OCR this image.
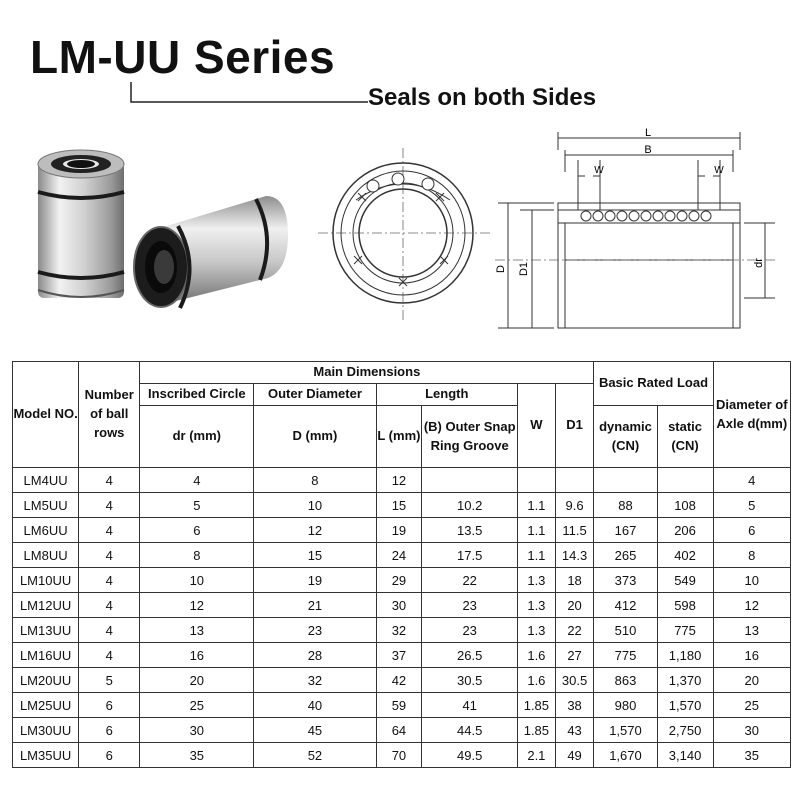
LM-UU Series
Seals on both Sides
L
B
W	W
D D1	dr
Model NO.	Number of ball rows	Main Dimensions						Basic Rated Load		Diameter of Axle d(mm)
		Inscribed Circle	Outer Diameter	Length		W	D1			
		dr (mm)	D (mm)	L (mm)	(B) Outer Snap Ring Groove			dynamic (CN)	static (CN)	
LM4UU	4	4	8	12						4
LM5UU	4	5	10	15	10.2	1.1	9.6	88	108	5
LM6UU	4	6	12	19	13.5	1.1	11.5	167	206	6
LM8UU	4	8	15	24	17.5	1.1	14.3	265	402	8
LM10UU	4	10	19	29	22	1.3	18	373	549	10
LM12UU	4	12	21	30	23	1.3	20	412	598	12
LM13UU	4	13	23	32	23	1.3	22	510	775	13
LM16UU	4	16	28	37	26.5	1.6	27	775	1,180	16
LM20UU	5	20	32	42	30.5	1.6	30.5	863	1,370	20
LM25UU	6	25	40	59	41	1.85	38	980	1,570	25
LM30UU	6	30	45	64	44.5	1.85	43	1,570	2,750	30
LM35UU	6	35	52	70	49.5	2.1	49	1,670	3,140	35
